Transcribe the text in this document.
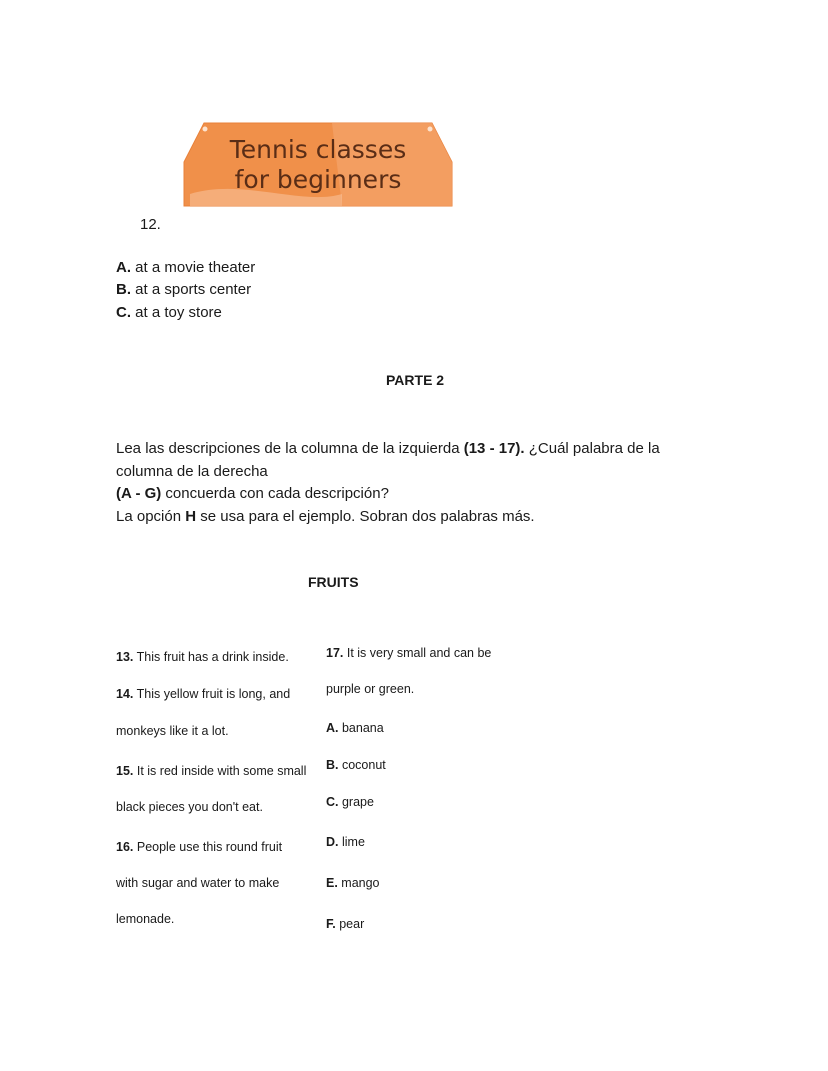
Tennis classes
for beginners
12.
A. at a movie theater
B. at a sports center
C. at a toy store
PARTE 2

Lea las descripciones de la columna de la izquierda (13 - 17). ¿Cuál palabra de la

columna de la derecha

(A - G) concuerda con cada descripción?

La opción H se usa para el ejemplo. Sobran dos palabras más.

FRUITS
13. This fruit has a drink inside.
14. This yellow fruit is long, and
monkeys like it a lot.
15. It is red inside with some small
black pieces you don't eat.
16. People use this round fruit
with sugar and water to make
lemonade.
17. It is very small and can be
purple or green.
A. banana
B. coconut
C. grape
D. lime
E. mango
F. pear
